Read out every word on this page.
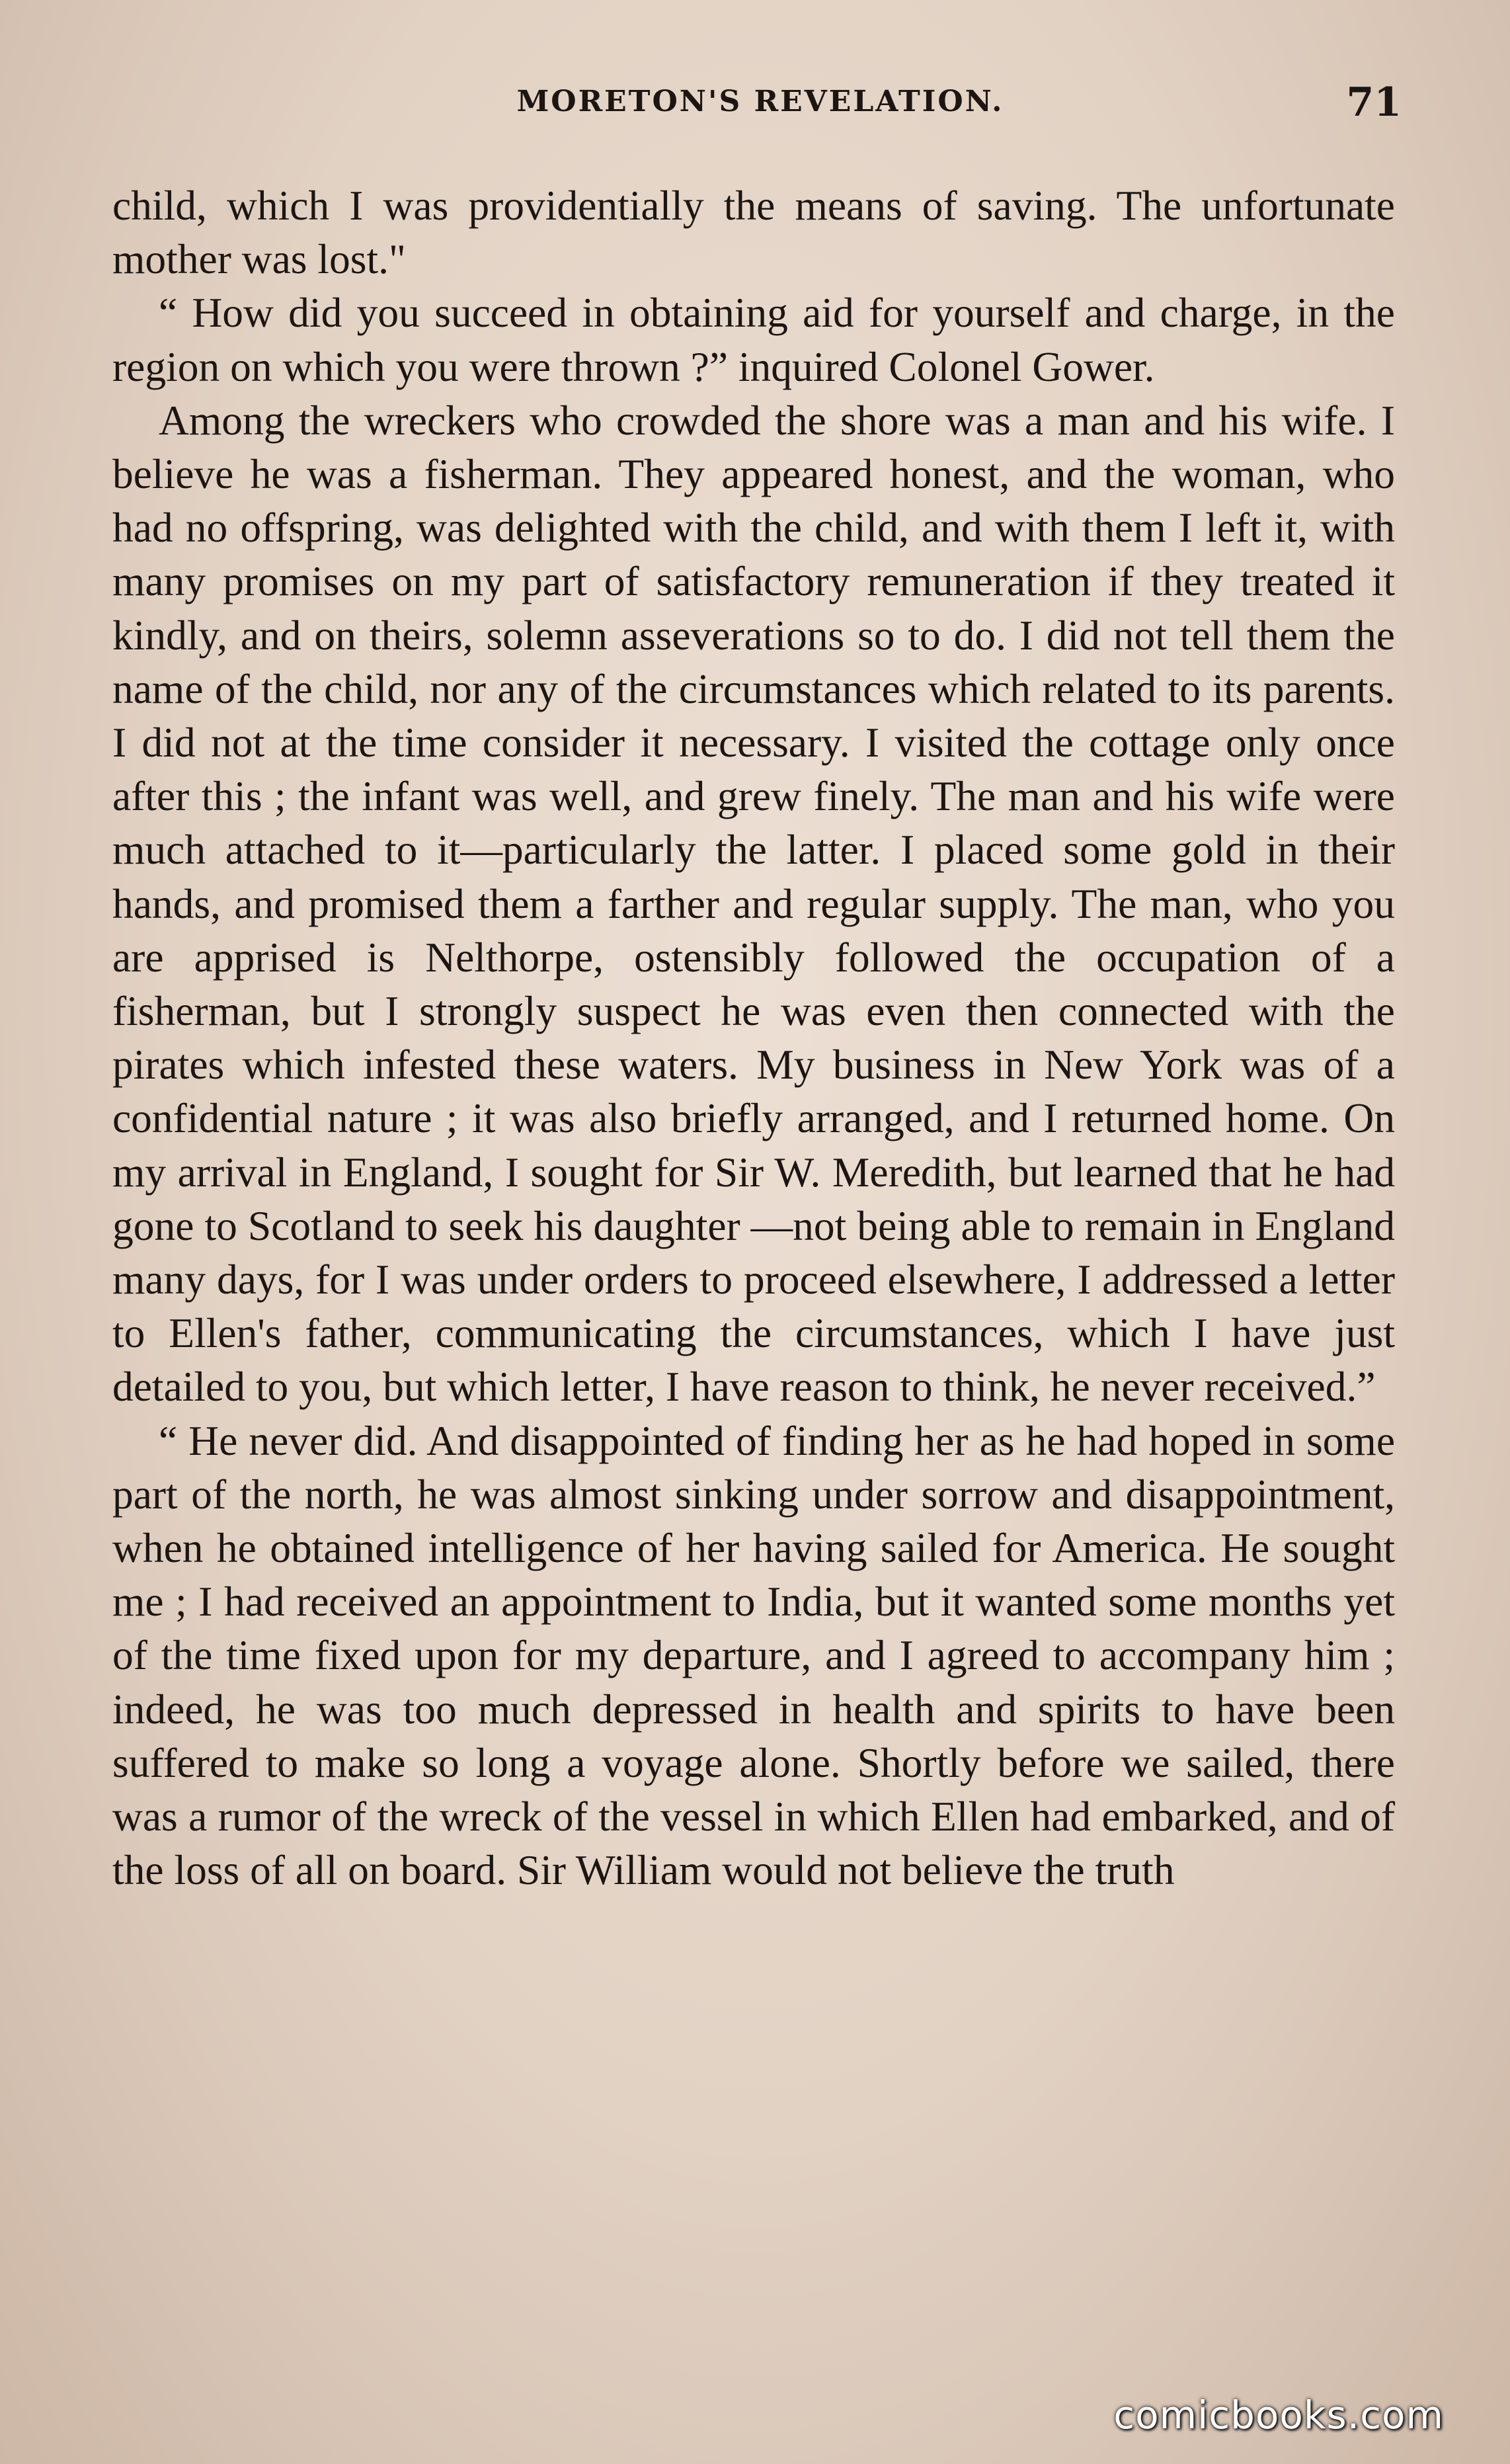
MORETON'S REVELATION.	71

child, which I was providentially the means of saving. The unfortunate mother was lost."

“ How did you succeed in obtaining aid for yourself and charge, in the region on which you were thrown ?” inquired Colonel Gower.

Among the wreckers who crowded the shore was a man and his wife. I believe he was a fisherman. They appeared honest, and the woman, who had no offspring, was delighted with the child, and with them I left it, with many promises on my part of satisfactory remuneration if they treated it kindly, and on theirs, solemn asseverations so to do. I did not tell them the name of the child, nor any of the circumstances which related to its parents. I did not at the time consider it necessary. I visited the cottage only once after this ; the infant was well, and grew finely. The man and his wife were much attached to it—particularly the latter. I placed some gold in their hands, and promised them a farther and regular supply. The man, who you are apprised is Nelthorpe, ostensibly followed the occupation of a fisherman, but I strongly suspect he was even then connected with the pirates which infested these waters. My business in New York was of a confidential nature ; it was also briefly arranged, and I returned home. On my arrival in England, I sought for Sir W. Meredith, but learned that he had gone to Scotland to seek his daughter —not being able to remain in England many days, for I was under orders to proceed elsewhere, I addressed a letter to Ellen's father, communicating the circumstances, which I have just detailed to you, but which letter, I have reason to think, he never received.”

“ He never did. And disappointed of finding her as he had hoped in some part of the north, he was almost sinking under sorrow and disappointment, when he obtained intelligence of her having sailed for America. He sought me ; I had received an appointment to India, but it wanted some months yet of the time fixed upon for my departure, and I agreed to accompany him ; indeed, he was too much depressed in health and spirits to have been suffered to make so long a voyage alone. Shortly before we sailed, there was a rumor of the wreck of the vessel in which Ellen had embarked, and of the loss of all on board. Sir William would not believe the truth

comicbooks.com
